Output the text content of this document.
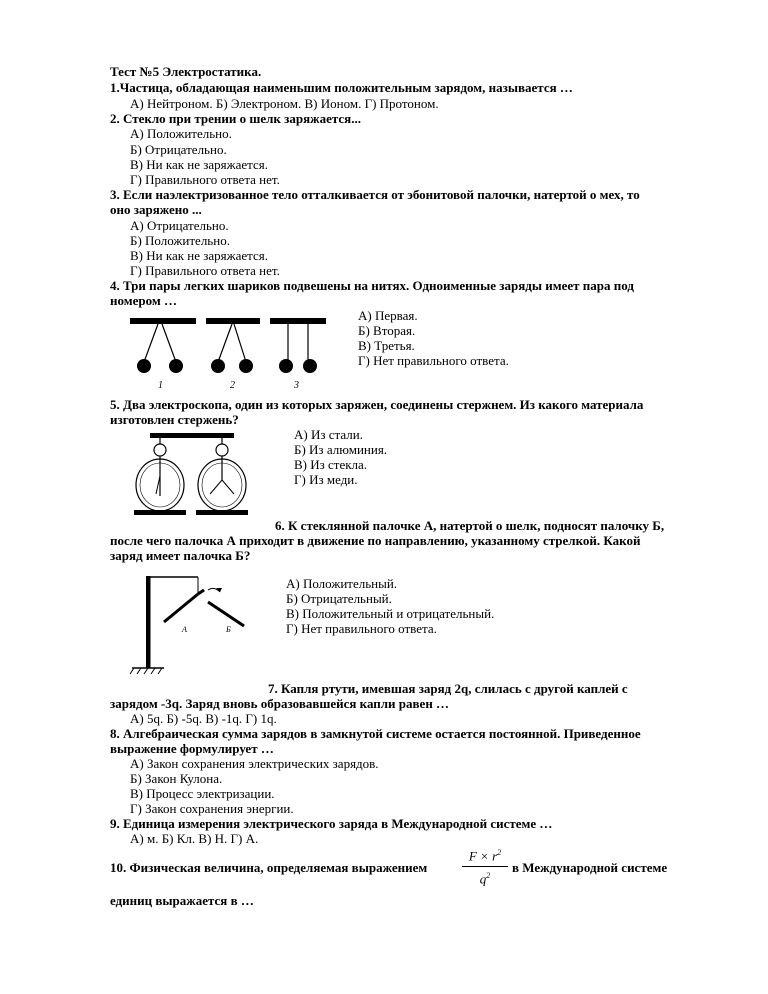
Тест №5 Электростатика.
1.Частица, обладающая наименьшим положительным зарядом, называется …
А) Нейтроном. Б) Электроном. В) Ионом. Г) Протоном.
2. Стекло при трении о шелк заряжается...
А) Положительно.
Б) Отрицательно.
В) Ни как не заряжается.
Г) Правильного ответа нет.
3. Если наэлектризованное тело отталкивается от эбонитовой палочки, натертой о мех, то
оно заряжено ...
А) Отрицательно.
Б) Положительно.
В) Ни как не заряжается.
Г) Правильного ответа нет.
4. Три пары легких шариков подвешены на нитях. Одноименные заряды имеет пара под
номером …
А) Первая.
Б) Вторая.
В) Третья.
Г) Нет правильного ответа.
1	2	3
5. Два электроскопа, один из которых заряжен, соединены стержнем. Из какого материала
изготовлен стержень?
А) Из стали.
Б) Из алюминия.
В) Из стекла.
Г) Из меди.
6. К стеклянной палочке А, натертой о шелк, подносят палочку Б,
после чего палочка А приходит в движение по направлению, указанному стрелкой. Какой
заряд имеет палочка Б?
А) Положительный.
Б) Отрицательный.
В) Положительный и отрицательный.
Г) Нет правильного ответа.
А	Б
7. Капля ртути, имевшая заряд 2q, слилась с другой каплей с
зарядом -3q. Заряд вновь образовавшейся капли равен …
А) 5q. Б) -5q. В) -1q. Г) 1q.
8. Алгебраическая сумма зарядов в замкнутой системе остается постоянной. Приведенное
выражение формулирует …
А) Закон сохранения электрических зарядов.
Б) Закон Кулона.
В) Процесс электризации.
Г) Закон сохранения энергии.
9. Единица измерения электрического заряда в Международной системе …
А) м. Б) Кл. В) Н. Г) А.
10. Физическая величина, определяемая выражением
$F \times r^2$
$q^2$
в Международной системе
единиц выражается в …
